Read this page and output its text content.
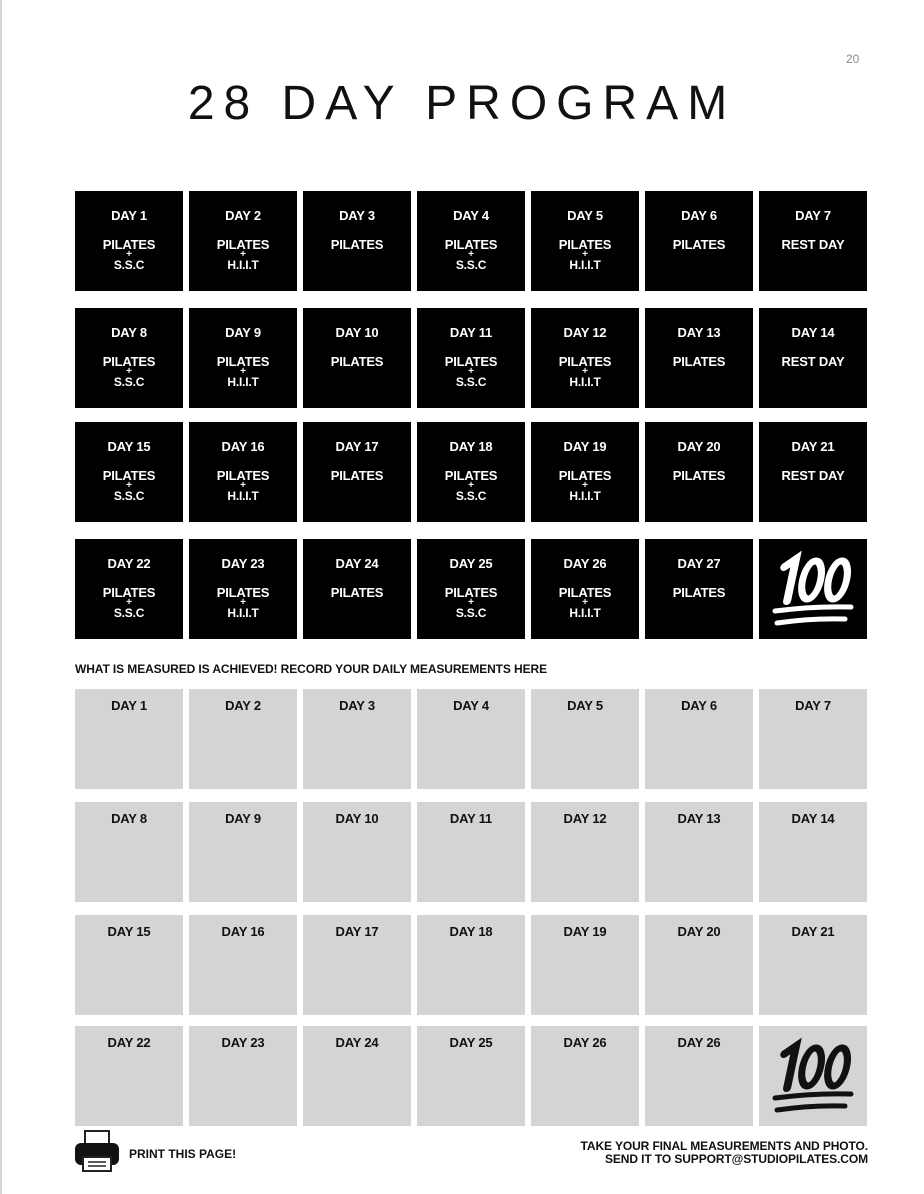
20
28 DAY PROGRAM
DAY 1
PILATES
+
S.S.C
DAY 2
PILATES
+
H.I.I.T
DAY 3
PILATES
DAY 4
PILATES
+
S.S.C
DAY 5
PILATES
+
H.I.I.T
DAY 6
PILATES
DAY 7
REST DAY
DAY 8
PILATES
+
S.S.C
DAY 9
PILATES
+
H.I.I.T
DAY 10
PILATES
DAY 11
PILATES
+
S.S.C
DAY 12
PILATES
+
H.I.I.T
DAY 13
PILATES
DAY 14
REST DAY
DAY 15
PILATES
+
S.S.C
DAY 16
PILATES
+
H.I.I.T
DAY 17
PILATES
DAY 18
PILATES
+
S.S.C
DAY 19
PILATES
+
H.I.I.T
DAY 20
PILATES
DAY 21
REST DAY
DAY 22
PILATES
+
S.S.C
DAY 23
PILATES
+
H.I.I.T
DAY 24
PILATES
DAY 25
PILATES
+
S.S.C
DAY 26
PILATES
+
H.I.I.T
DAY 27
PILATES
WHAT IS MEASURED IS ACHIEVED! RECORD YOUR DAILY MEASUREMENTS HERE
DAY 1	DAY 2	DAY 3	DAY 4	DAY 5	DAY 6	DAY 7
DAY 8	DAY 9	DAY 10	DAY 11	DAY 12	DAY 13	DAY 14
DAY 15	DAY 16	DAY 17	DAY 18	DAY 19	DAY 20	DAY 21
DAY 22	DAY 23	DAY 24	DAY 25	DAY 26	DAY 26
PRINT THIS PAGE!
TAKE YOUR FINAL MEASUREMENTS AND PHOTO.
SEND IT TO SUPPORT@STUDIOPILATES.COM
